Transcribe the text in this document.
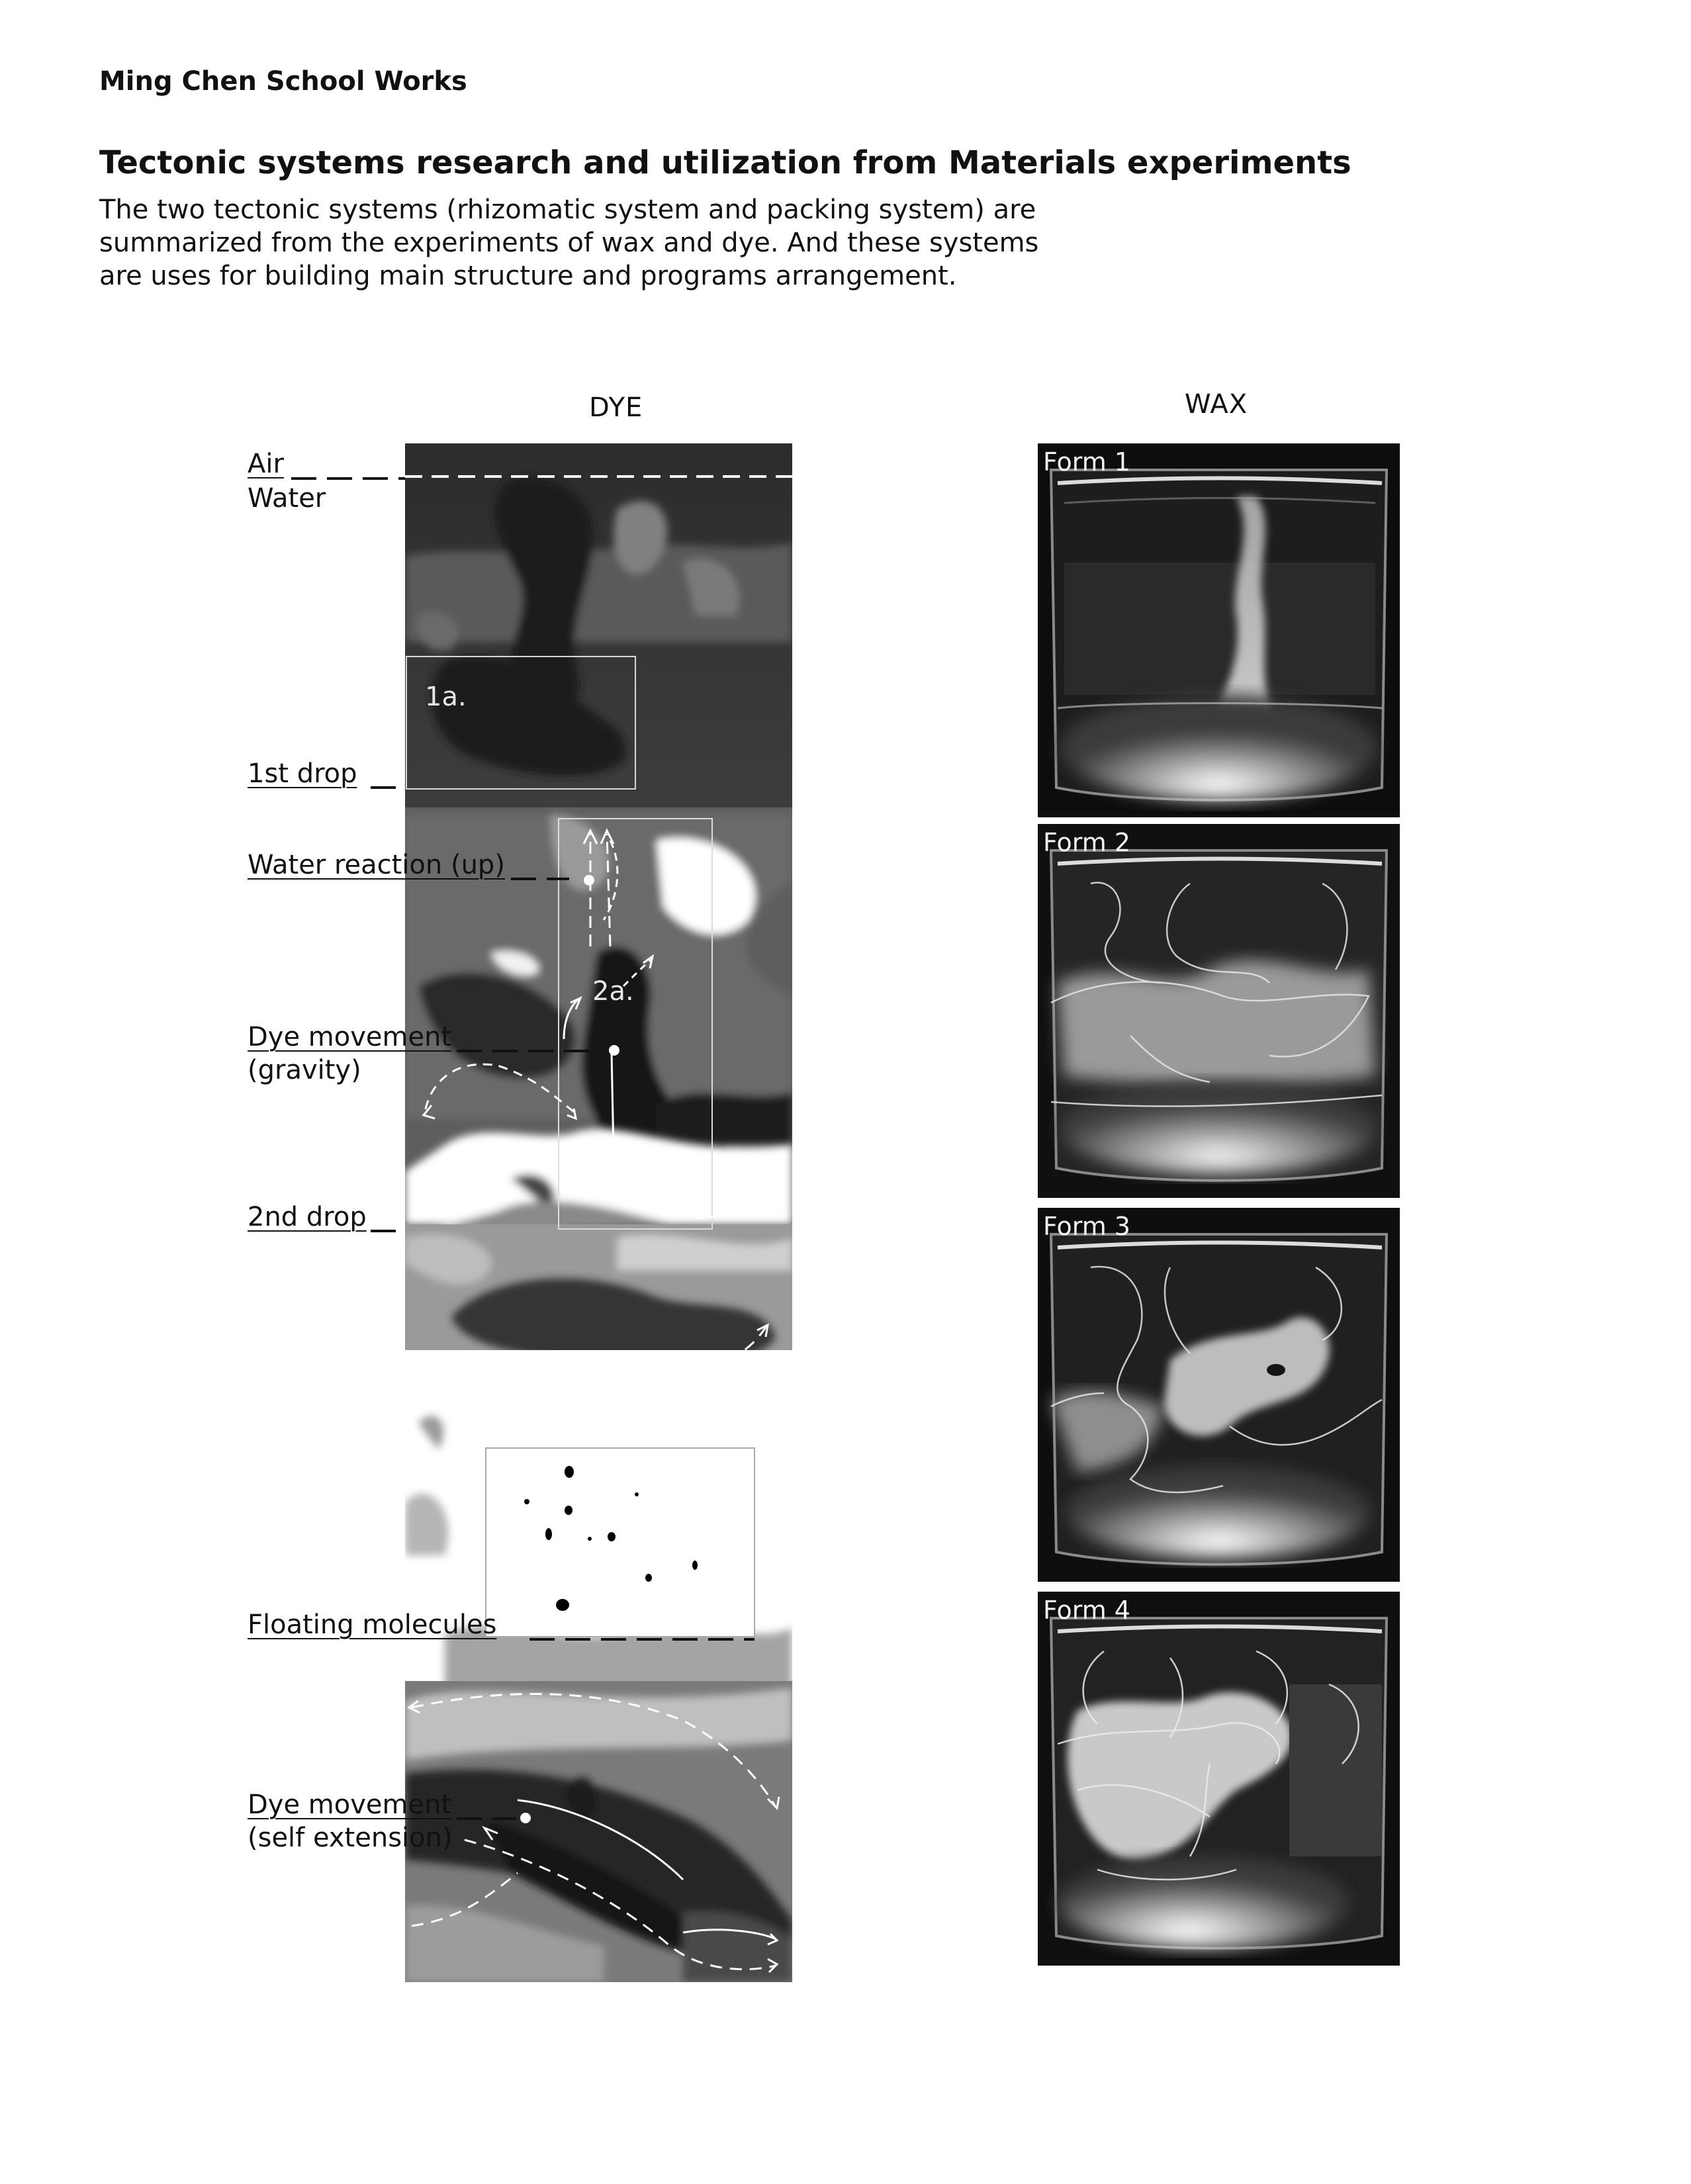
Ming Chen School Works
Tectonic systems research and utilization from Materials experiments
The two tectonic systems (rhizomatic system and packing system) are
summarized from the experiments of wax and dye. And these systems
are uses for building main structure and programs arrangement.
DYE	WAX
1a.
2a.
Air
Water
1st drop
Water reaction (up)
Dye movement
(gravity)
2nd drop
Floating molecules
Dye movement
(self extension)
Form 1
Form 2
Form 3
Form 4
